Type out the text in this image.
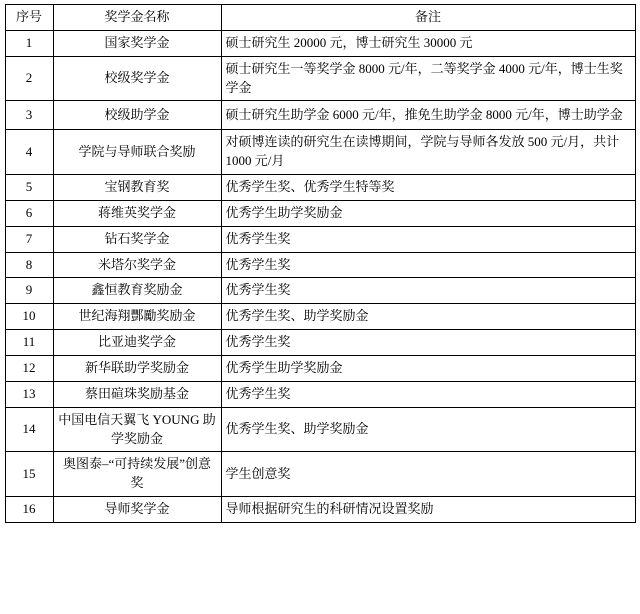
序号	奖学金名称	备注
1	国家奖学金	硕士研究生 20000 元，博士研究生 30000 元
2	校级奖学金	硕士研究生一等奖学金 8000 元/年，二等奖学金 4000 元/年，博士生奖学金
3	校级助学金	硕士研究生助学金 6000 元/年，推免生助学金 8000 元/年，博士助学金
4	学院与导师联合奖励	对硕博连读的研究生在读博期间，学院与导师各发放 500 元/月，共计 1000 元/月
5	宝钢教育奖	优秀学生奖、优秀学生特等奖
6	蒋维英奖学金	优秀学生助学奖励金
7	钻石奖学金	优秀学生奖
8	米塔尔奖学金	优秀学生奖
9	鑫恒教育奖励金	优秀学生奖
10	世纪海翔酆勵奖励金	优秀学生奖、助学奖励金
11	比亚迪奖学金	优秀学生奖
12	新华联助学奖励金	优秀学生助学奖励金
13	蔡田碹珠奖励基金	优秀学生奖
14	中国电信天翼飞 YOUNG 助学奖励金	优秀学生奖、助学奖励金
15	奥图泰–“可持续发展”创意奖	学生创意奖
16	导师奖学金	导师根据研究生的科研情况设置奖励
